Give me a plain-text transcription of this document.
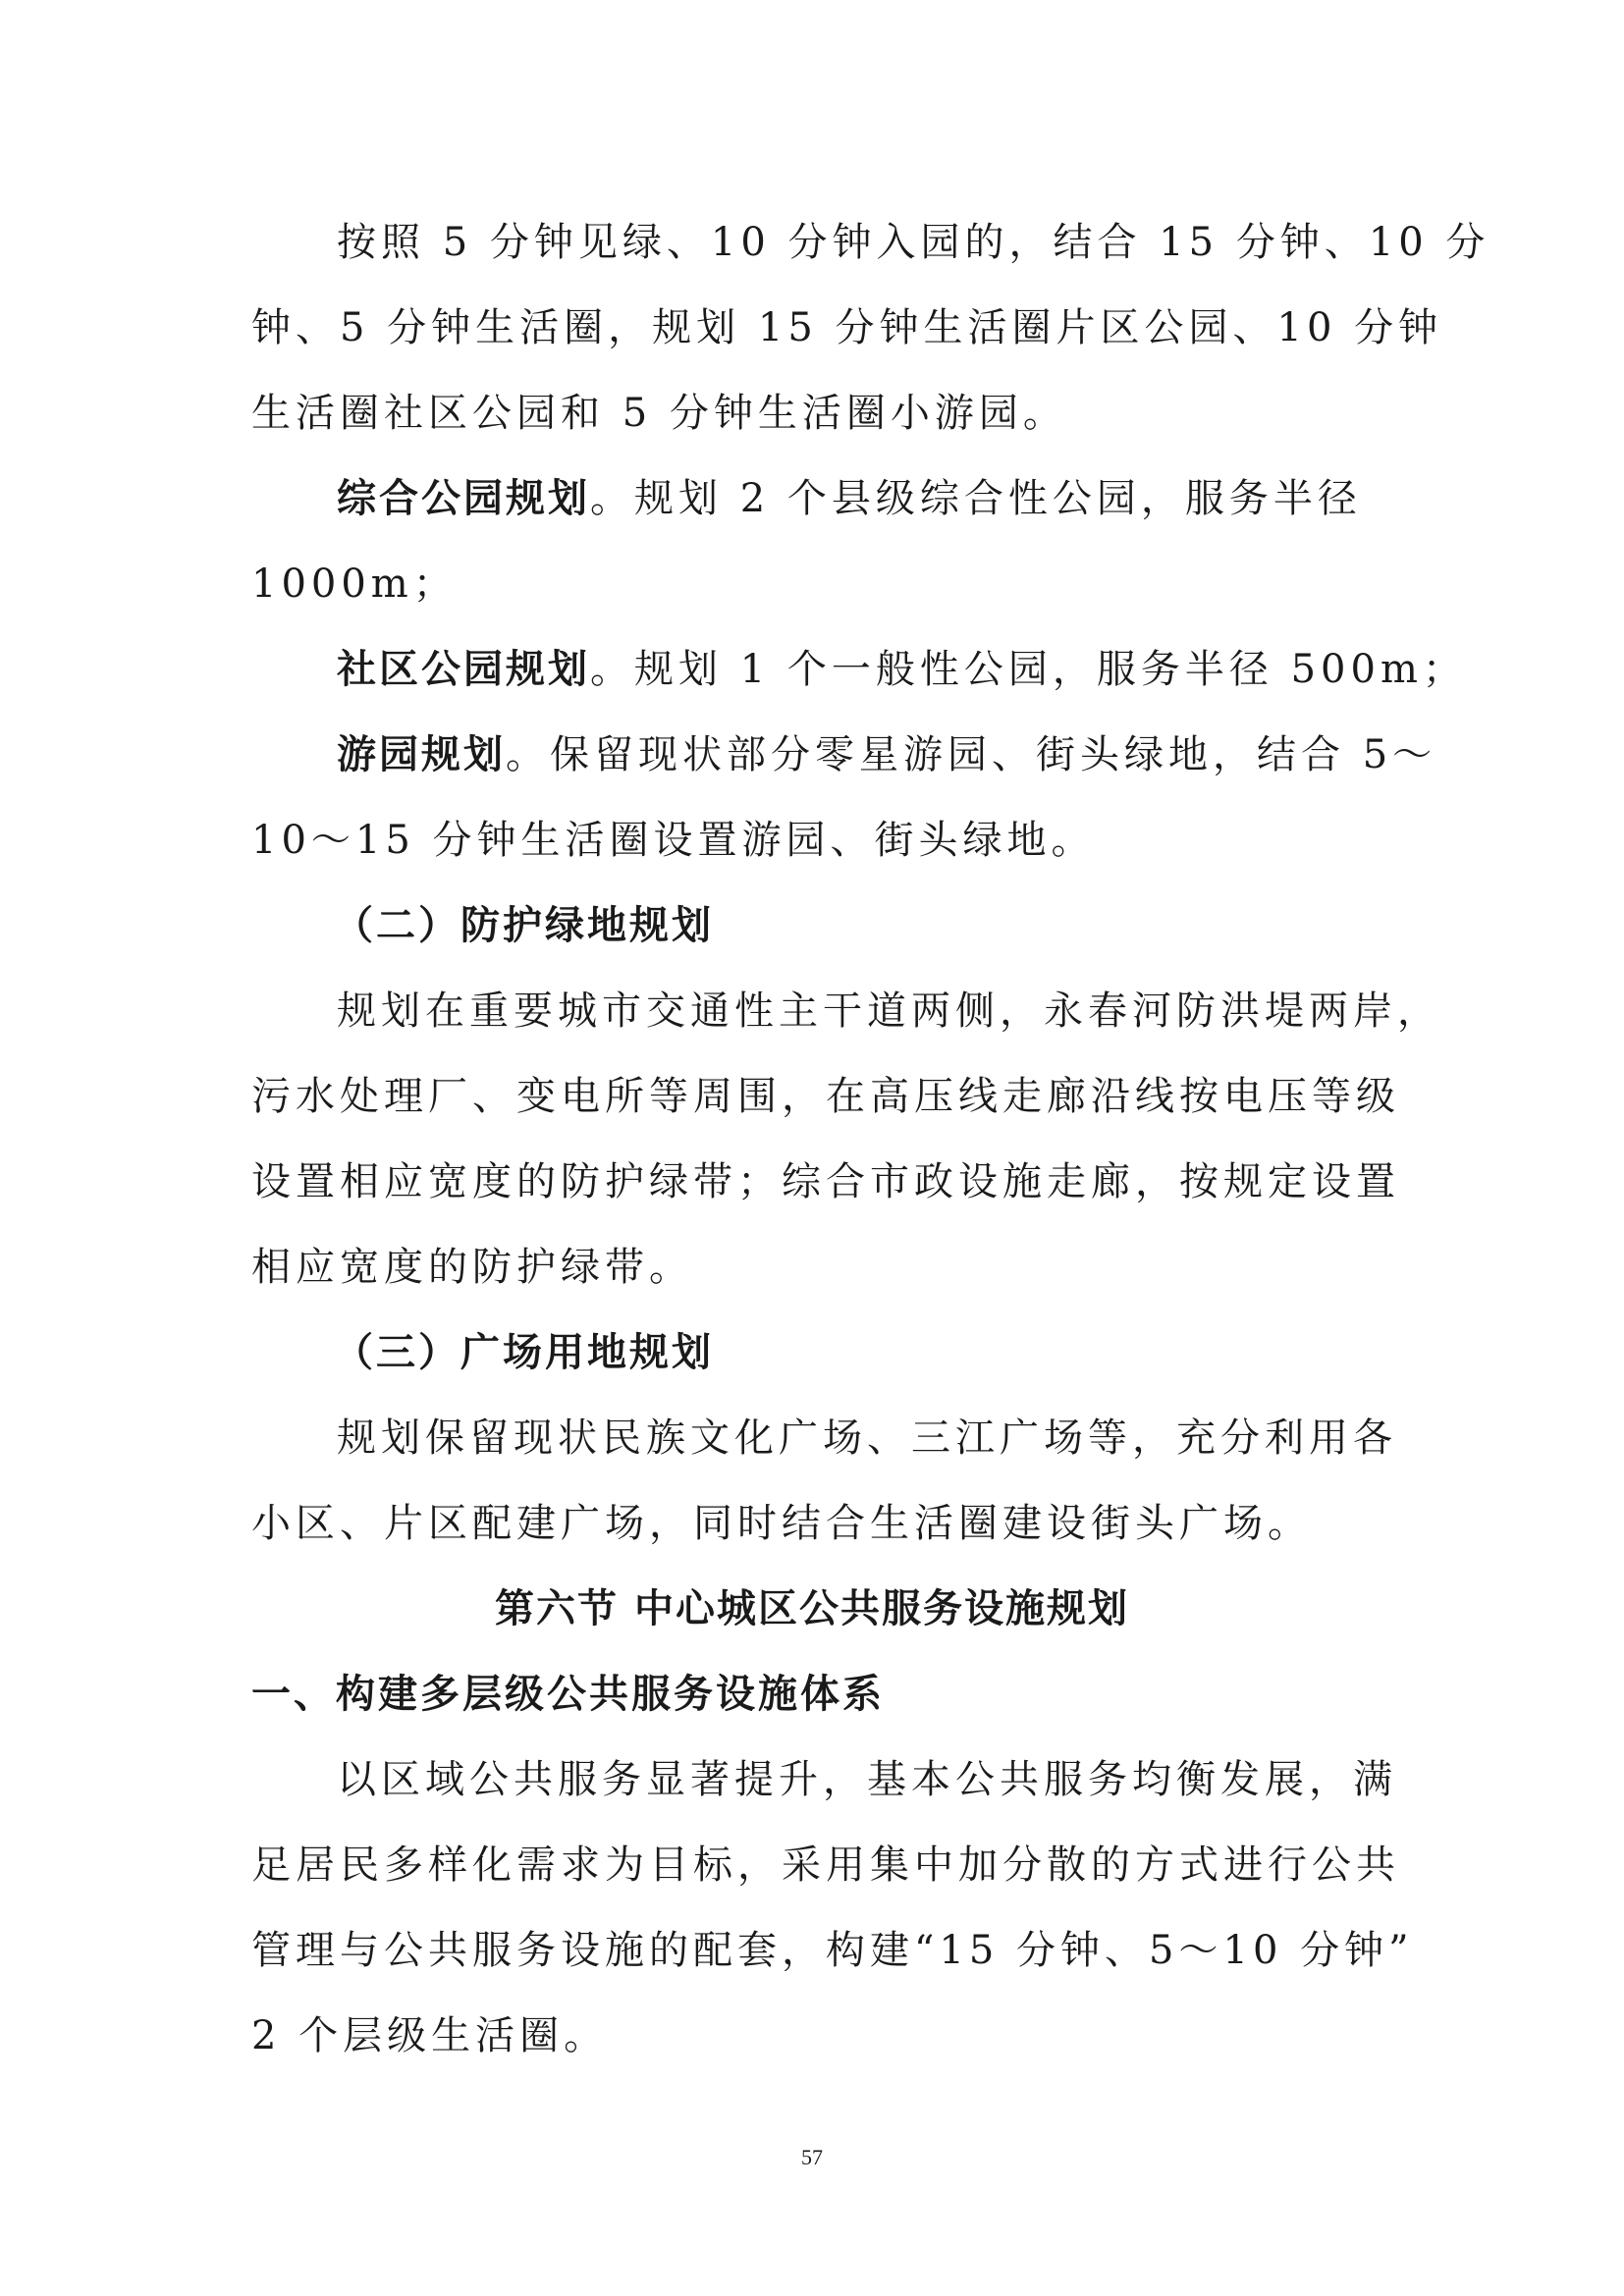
按照 5 分钟见绿、10 分钟入园的，结合 15 分钟、10 分
钟、5 分钟生活圈，规划 15 分钟生活圈片区公园、10 分钟
生活圈社区公园和 5 分钟生活圈小游园。
综合公园规划。规划 2 个县级综合性公园，服务半径
1000m；
社区公园规划。规划 1 个一般性公园，服务半径 500m；
游园规划。保留现状部分零星游园、街头绿地，结合 5～
10～15 分钟生活圈设置游园、街头绿地。
（二）防护绿地规划
规划在重要城市交通性主干道两侧，永春河防洪堤两岸，
污水处理厂、变电所等周围，在高压线走廊沿线按电压等级
设置相应宽度的防护绿带；综合市政设施走廊，按规定设置
相应宽度的防护绿带。
（三）广场用地规划
规划保留现状民族文化广场、三江广场等，充分利用各
小区、片区配建广场，同时结合生活圈建设街头广场。
第六节 中心城区公共服务设施规划
一、构建多层级公共服务设施体系
以区域公共服务显著提升，基本公共服务均衡发展，满
足居民多样化需求为目标，采用集中加分散的方式进行公共
管理与公共服务设施的配套，构建“15 分钟、5～10 分钟”
2 个层级生活圈。
57
